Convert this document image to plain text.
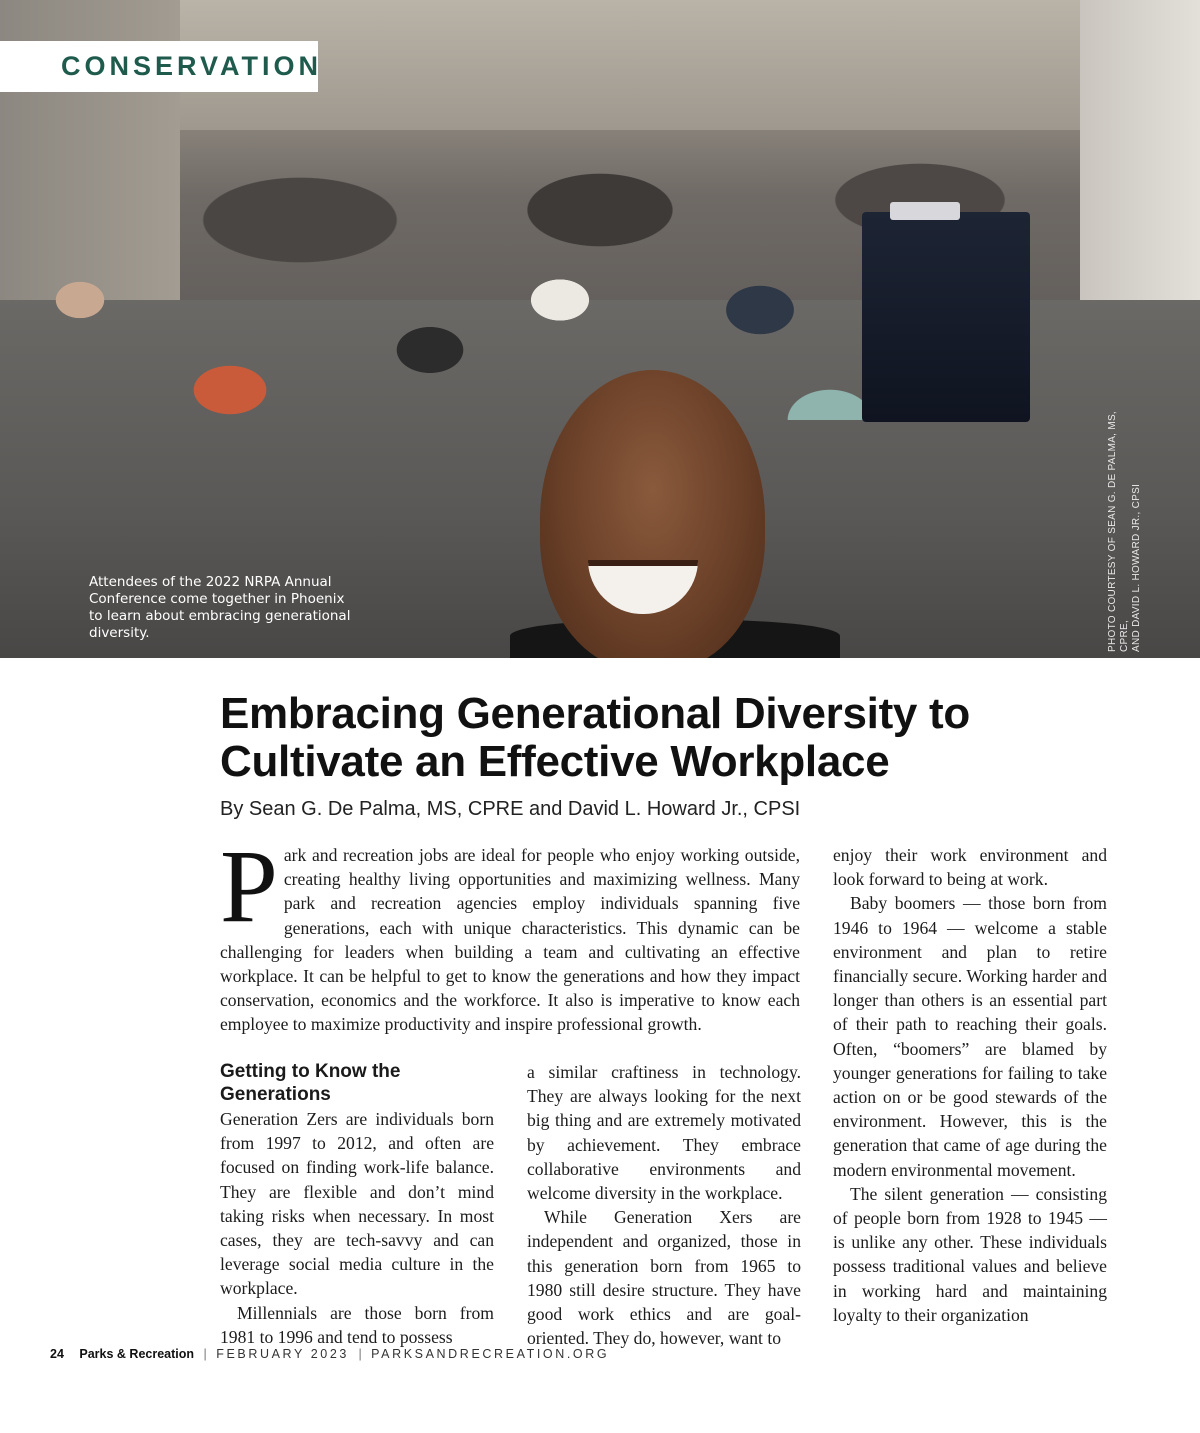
CONSERVATION
Attendees of the 2022 NRPA Annual Conference come together in Phoenix to learn about embracing generational diversity.	PHOTO COURTESY OF SEAN G. DE PALMA, MS, CPRE, AND DAVID L. HOWARD JR., CPSI
Embracing Generational Diversity to Cultivate an Effective Workplace

By Sean G. De Palma, MS, CPRE and David L. Howard Jr., CPSI

P ark and recreation jobs are ideal for people who enjoy working outside, creating healthy living opportunities and maximizing wellness. Many park and recreation agencies employ individuals spanning five generations, each with unique characteristics. This dynamic can be challenging for leaders when building a team and cultivating an effective workplace. It can be helpful to get to know the generations and how they impact conservation, economics and the workforce. It also is imperative to know each employee to maximize productivity and inspire professional growth.

Getting to Know the Generations

Generation Zers are individuals born from 1997 to 2012, and often are focused on finding work-life balance. They are flexible and don’t mind taking risks when necessary. In most cases, they are tech-savvy and can leverage social media culture in the workplace.

Millennials are those born from 1981 to 1996 and tend to possess

a similar craftiness in technology. They are always looking for the next big thing and are extremely motivated by achievement. They embrace collaborative environments and welcome diversity in the workplace.

While Generation Xers are independent and organized, those in this generation born from 1965 to 1980 still desire structure. They have good work ethics and are goal-oriented. They do, however, want to

enjoy their work environment and look forward to being at work.

Baby boomers — those born from 1946 to 1964 — welcome a stable environment and plan to retire financially secure. Working harder and longer than others is an essential part of their path to reaching their goals. Often, “boomers” are blamed by younger generations for failing to take action on or be good stewards of the environment. However, this is the generation that came of age during the modern environmental movement.

The silent generation — consisting of people born from 1928 to 1945 — is unlike any other. These individuals possess traditional values and believe in working hard and maintaining loyalty to their organization

24 Parks & Recreation | FEBRUARY 2023 | PARKSANDRECREATION.ORG
